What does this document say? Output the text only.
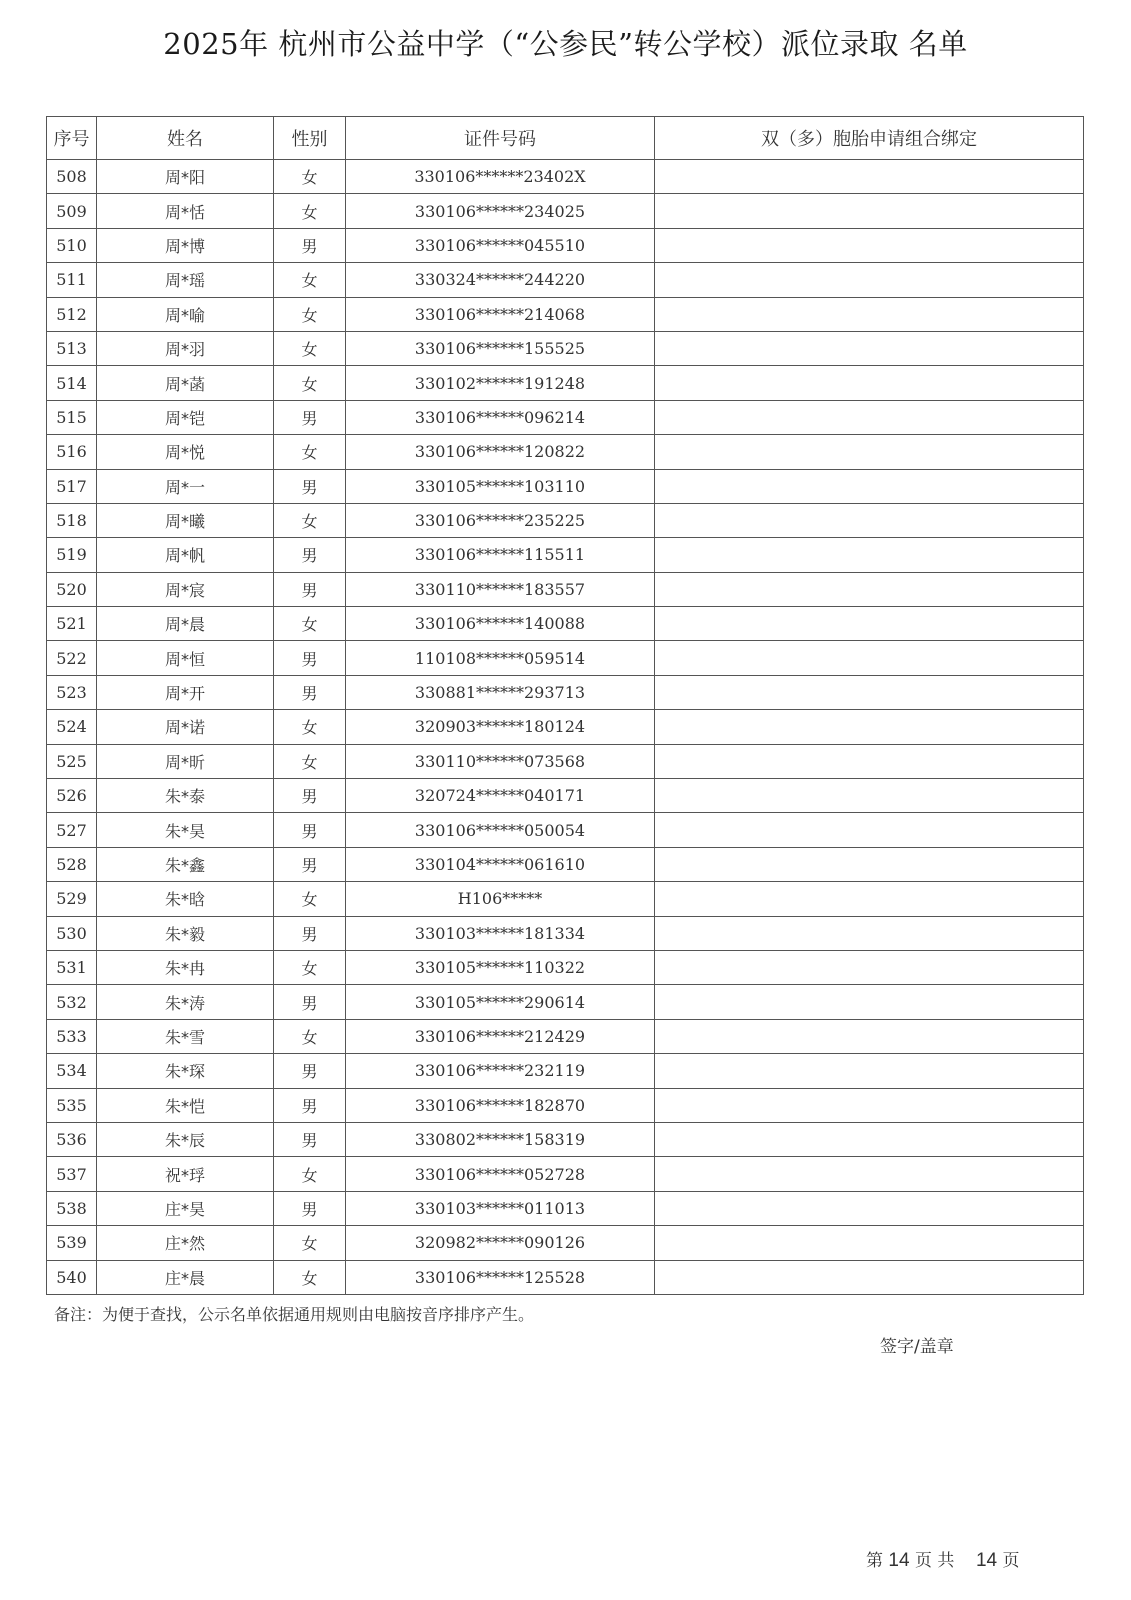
2025年 杭州市公益中学（“公参民”转公学校）派位录取 名单
序号	姓名	性别	证件号码	双（多）胞胎申请组合绑定
508	周*阳	女	330106******23402X	
509	周*恬	女	330106******234025	
510	周*博	男	330106******045510	
511	周*瑶	女	330324******244220	
512	周*喻	女	330106******214068	
513	周*羽	女	330106******155525	
514	周*菡	女	330102******191248	
515	周*铠	男	330106******096214	
516	周*悦	女	330106******120822	
517	周*一	男	330105******103110	
518	周*曦	女	330106******235225	
519	周*帆	男	330106******115511	
520	周*宸	男	330110******183557	
521	周*晨	女	330106******140088	
522	周*恒	男	110108******059514	
523	周*开	男	330881******293713	
524	周*诺	女	320903******180124	
525	周*昕	女	330110******073568	
526	朱*泰	男	320724******040171	
527	朱*昊	男	330106******050054	
528	朱*鑫	男	330104******061610	
529	朱*晗	女	H106*****	
530	朱*毅	男	330103******181334	
531	朱*冉	女	330105******110322	
532	朱*涛	男	330105******290614	
533	朱*雪	女	330106******212429	
534	朱*琛	男	330106******232119	
535	朱*恺	男	330106******182870	
536	朱*辰	男	330802******158319	
537	祝*琈	女	330106******052728	
538	庄*昊	男	330103******011013	
539	庄*然	女	320982******090126	
540	庄*晨	女	330106******125528	
备注：为便于查找，公示名单依据通用规则由电脑按音序排序产生。
签字/盖章
第 14 页 共 14 页
